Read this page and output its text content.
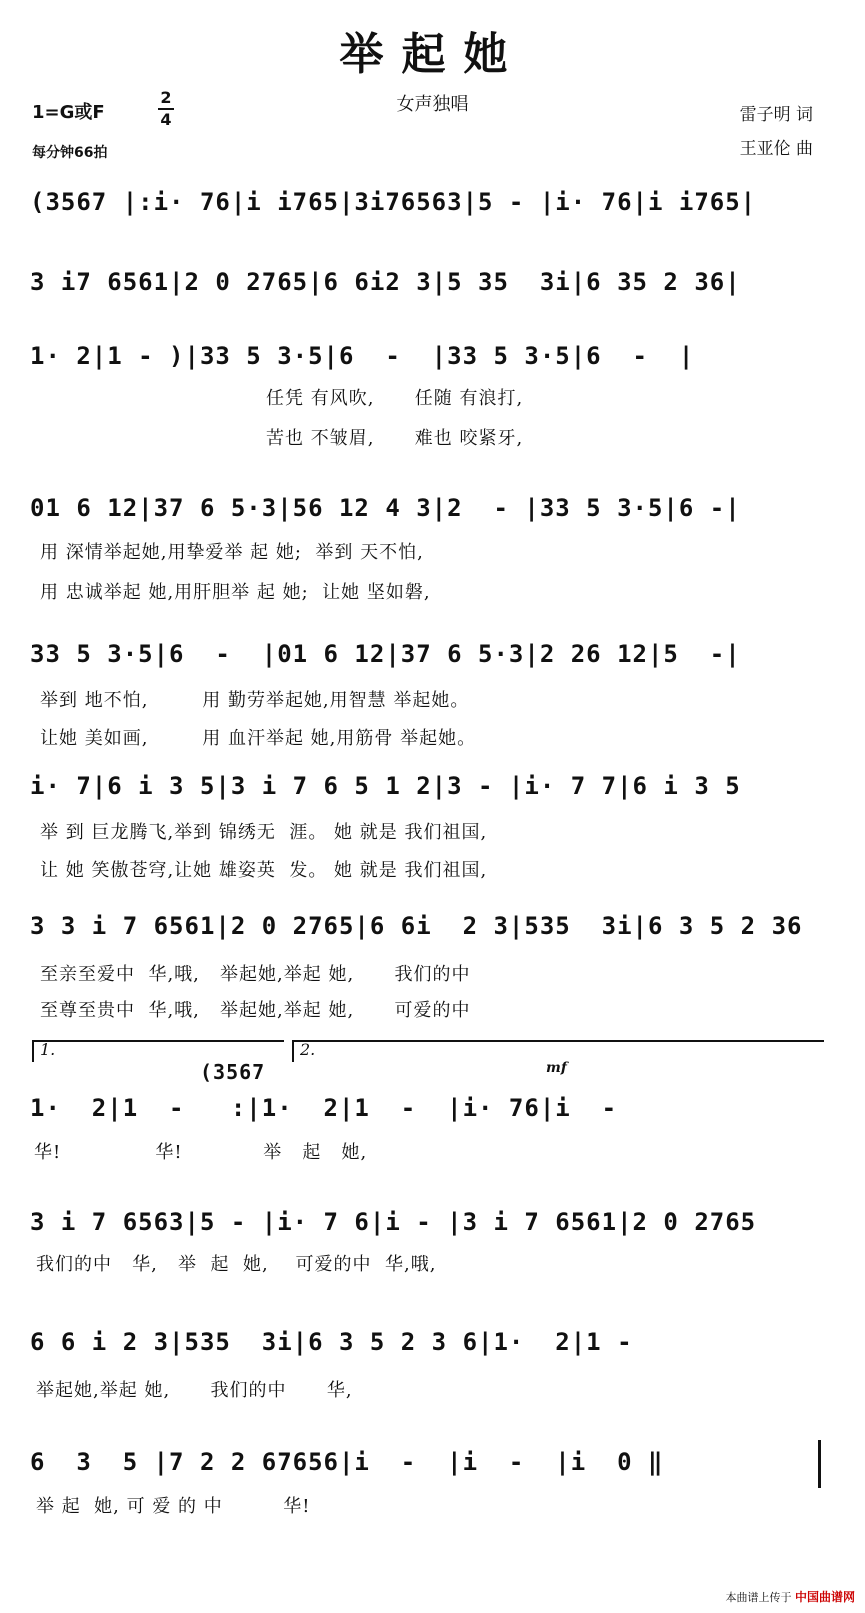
举起她
女声独唱
1=G或F
2
4
每分钟66拍
雷子明 词
王亚伦 曲
(3567 |:i· 76|i i765|3i76563|5 - |i· 76|i i765|
3 i7 6561|2 0 2765|6 6i2 3|5 35  3i|6 35 2 36|
1· 2|1 - )|33 5 3·5|6  -  |33 5 3·5|6  -  |
任凭 有风吹,      任随 有浪打,
苦也 不皱眉,      难也 咬紧牙,
01 6 12|37 6 5·3|56 12 4 3|2  - |33 5 3·5|6 -|
用 深情举起她,用挚爱举 起 她;  举到 天不怕,
用 忠诚举起 她,用肝胆举 起 她;  让她 坚如磐,
33 5 3·5|6  -  |01 6 12|37 6 5·3|2 26 12|5  -|
举到 地不怕,        用 勤劳举起她,用智慧 举起她。
让她 美如画,        用 血汗举起 她,用筋骨 举起她。
i· 7|6 i 3 5|3 i 7 6 5 1 2|3 - |i· 7 7|6 i 3 5
举 到 巨龙腾飞,举到 锦绣无  涯。 她 就是 我们祖国,
让 她 笑傲苍穹,让她 雄姿英  发。 她 就是 我们祖国,
3 3 i 7 6561|2 0 2765|6 6i  2 3|535  3i|6 3 5 2 36
至亲至爱中  华,哦,   举起她,举起 她,      我们的中
至尊至贵中  华,哦,   举起她,举起 她,      可爱的中
1.	2.
(3567	mf
1·  2|1  -   :|1·  2|1  -  |i· 76|i  -
华!              华!            举   起   她,
3 i 7 6563|5 - |i· 7 6|i - |3 i 7 6561|2 0 2765
我们的中   华,   举  起  她,    可爱的中  华,哦,
6 6 i 2 3|535  3i|6 3 5 2 3 6|1·  2|1 -
举起她,举起 她,      我们的中      华,
6  3  5 |7 2 2 67656|i  -  |i  -  |i  0 ‖
举 起  她, 可 爱 的 中         华!
本曲谱上传于 中国曲谱网
